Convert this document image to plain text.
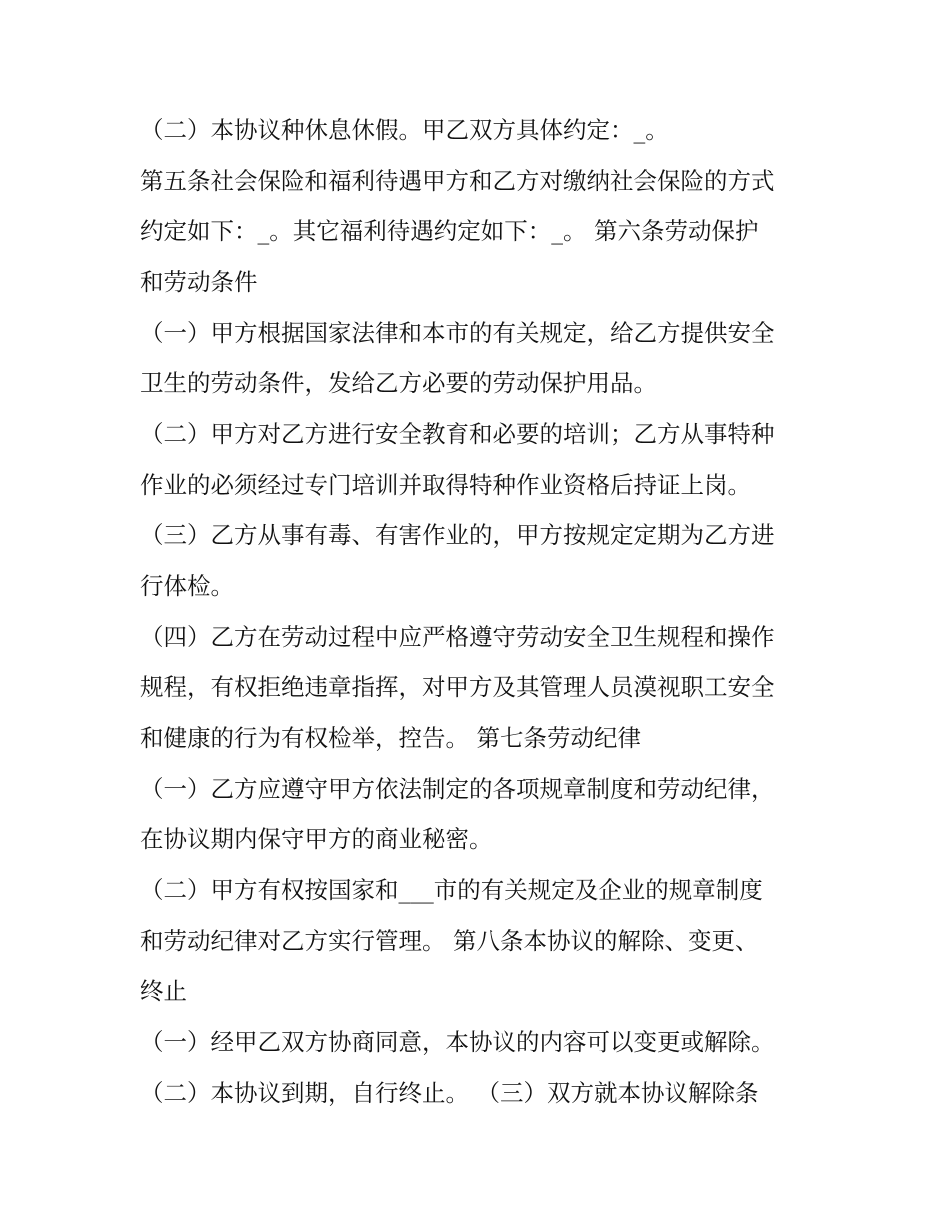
（二）本协议种休息休假。甲乙双方具体约定：_。
第五条社会保险和福利待遇甲方和乙方对缴纳社会保险的方式
约定如下：_。其它福利待遇约定如下：_。 第六条劳动保护
和劳动条件
（一）甲方根据国家法律和本市的有关规定，给乙方提供安全
卫生的劳动条件，发给乙方必要的劳动保护用品。
（二）甲方对乙方进行安全教育和必要的培训；乙方从事特种
作业的必须经过专门培训并取得特种作业资格后持证上岗。
（三）乙方从事有毒、有害作业的，甲方按规定定期为乙方进
行体检。
（四）乙方在劳动过程中应严格遵守劳动安全卫生规程和操作
规程，有权拒绝违章指挥，对甲方及其管理人员漠视职工安全
和健康的行为有权检举，控告。 第七条劳动纪律
（一）乙方应遵守甲方依法制定的各项规章制度和劳动纪律，
在协议期内保守甲方的商业秘密。
（二）甲方有权按国家和___市的有关规定及企业的规章制度
和劳动纪律对乙方实行管理。 第八条本协议的解除、变更、
终止
（一）经甲乙双方协商同意，本协议的内容可以变更或解除。
（二）本协议到期，自行终止。 （三）双方就本协议解除条
